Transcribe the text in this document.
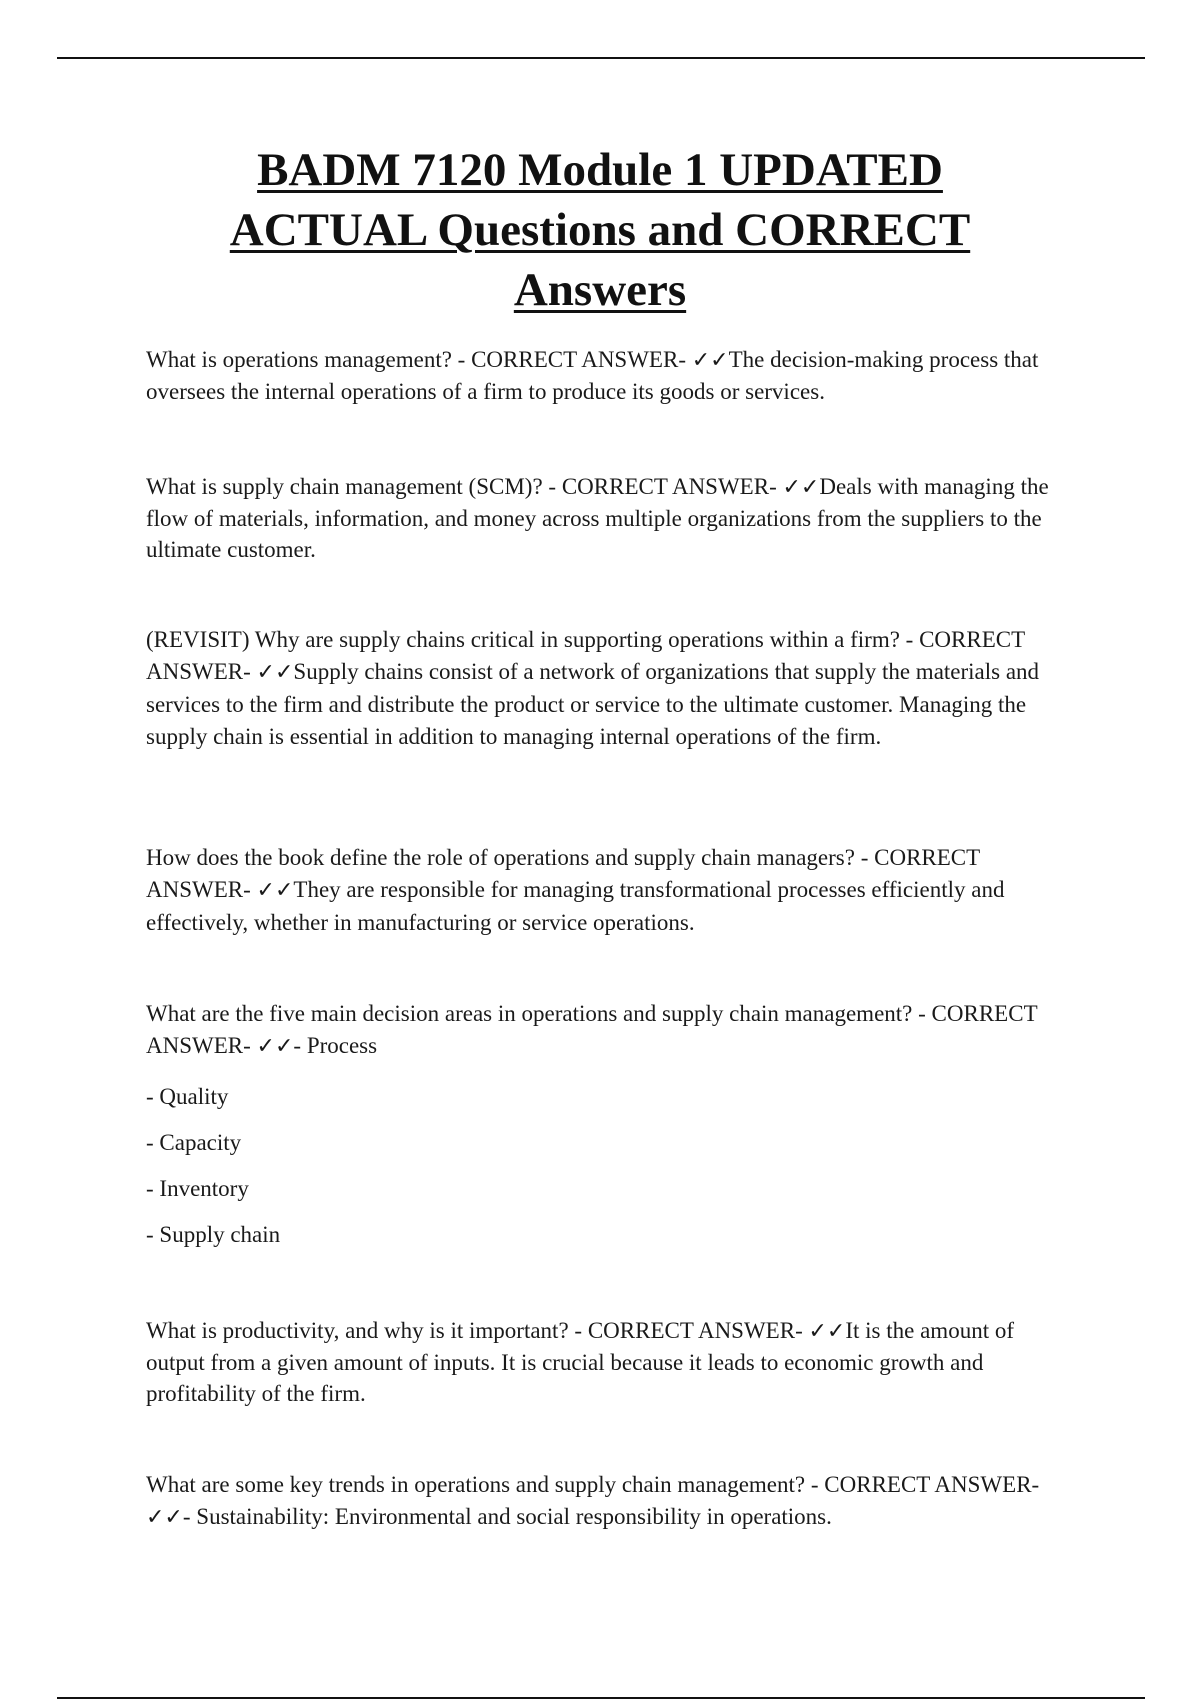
BADM 7120 Module 1 UPDATED
ACTUAL Questions and CORRECT
Answers

What is operations management? - CORRECT ANSWER- ✓✓The decision-making process that oversees the internal operations of a firm to produce its goods or services.

What is supply chain management (SCM)? - CORRECT ANSWER- ✓✓Deals with managing the flow of materials, information, and money across multiple organizations from the suppliers to the ultimate customer.

(REVISIT) Why are supply chains critical in supporting operations within a firm? - CORRECT ANSWER- ✓✓Supply chains consist of a network of organizations that supply the materials and services to the firm and distribute the product or service to the ultimate customer. Managing the supply chain is essential in addition to managing internal operations of the firm.

How does the book define the role of operations and supply chain managers? - CORRECT ANSWER- ✓✓They are responsible for managing transformational processes efficiently and effectively, whether in manufacturing or service operations.

What are the five main decision areas in operations and supply chain management? - CORRECT ANSWER- ✓✓- Process

- Quality
- Capacity
- Inventory
- Supply chain

What is productivity, and why is it important? - CORRECT ANSWER- ✓✓It is the amount of output from a given amount of inputs. It is crucial because it leads to economic growth and profitability of the firm.

What are some key trends in operations and supply chain management? - CORRECT ANSWER- ✓✓- Sustainability: Environmental and social responsibility in operations.
